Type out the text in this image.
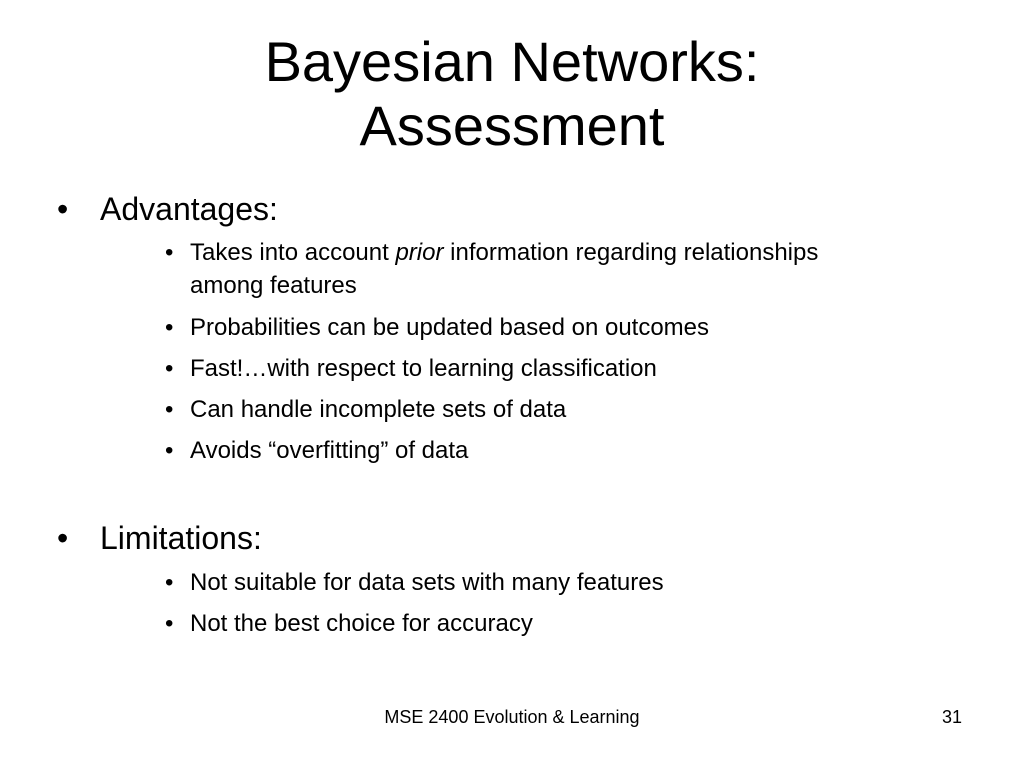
Bayesian Networks:
Assessment
• Advantages:
• Takes into account prior information regarding relationships
among features
• Probabilities can be updated based on outcomes
• Fast!…with respect to learning classification
• Can handle incomplete sets of data
• Avoids “overfitting” of data
• Limitations:
• Not suitable for data sets with many features
• Not the best choice for accuracy
MSE 2400 Evolution & Learning	31
